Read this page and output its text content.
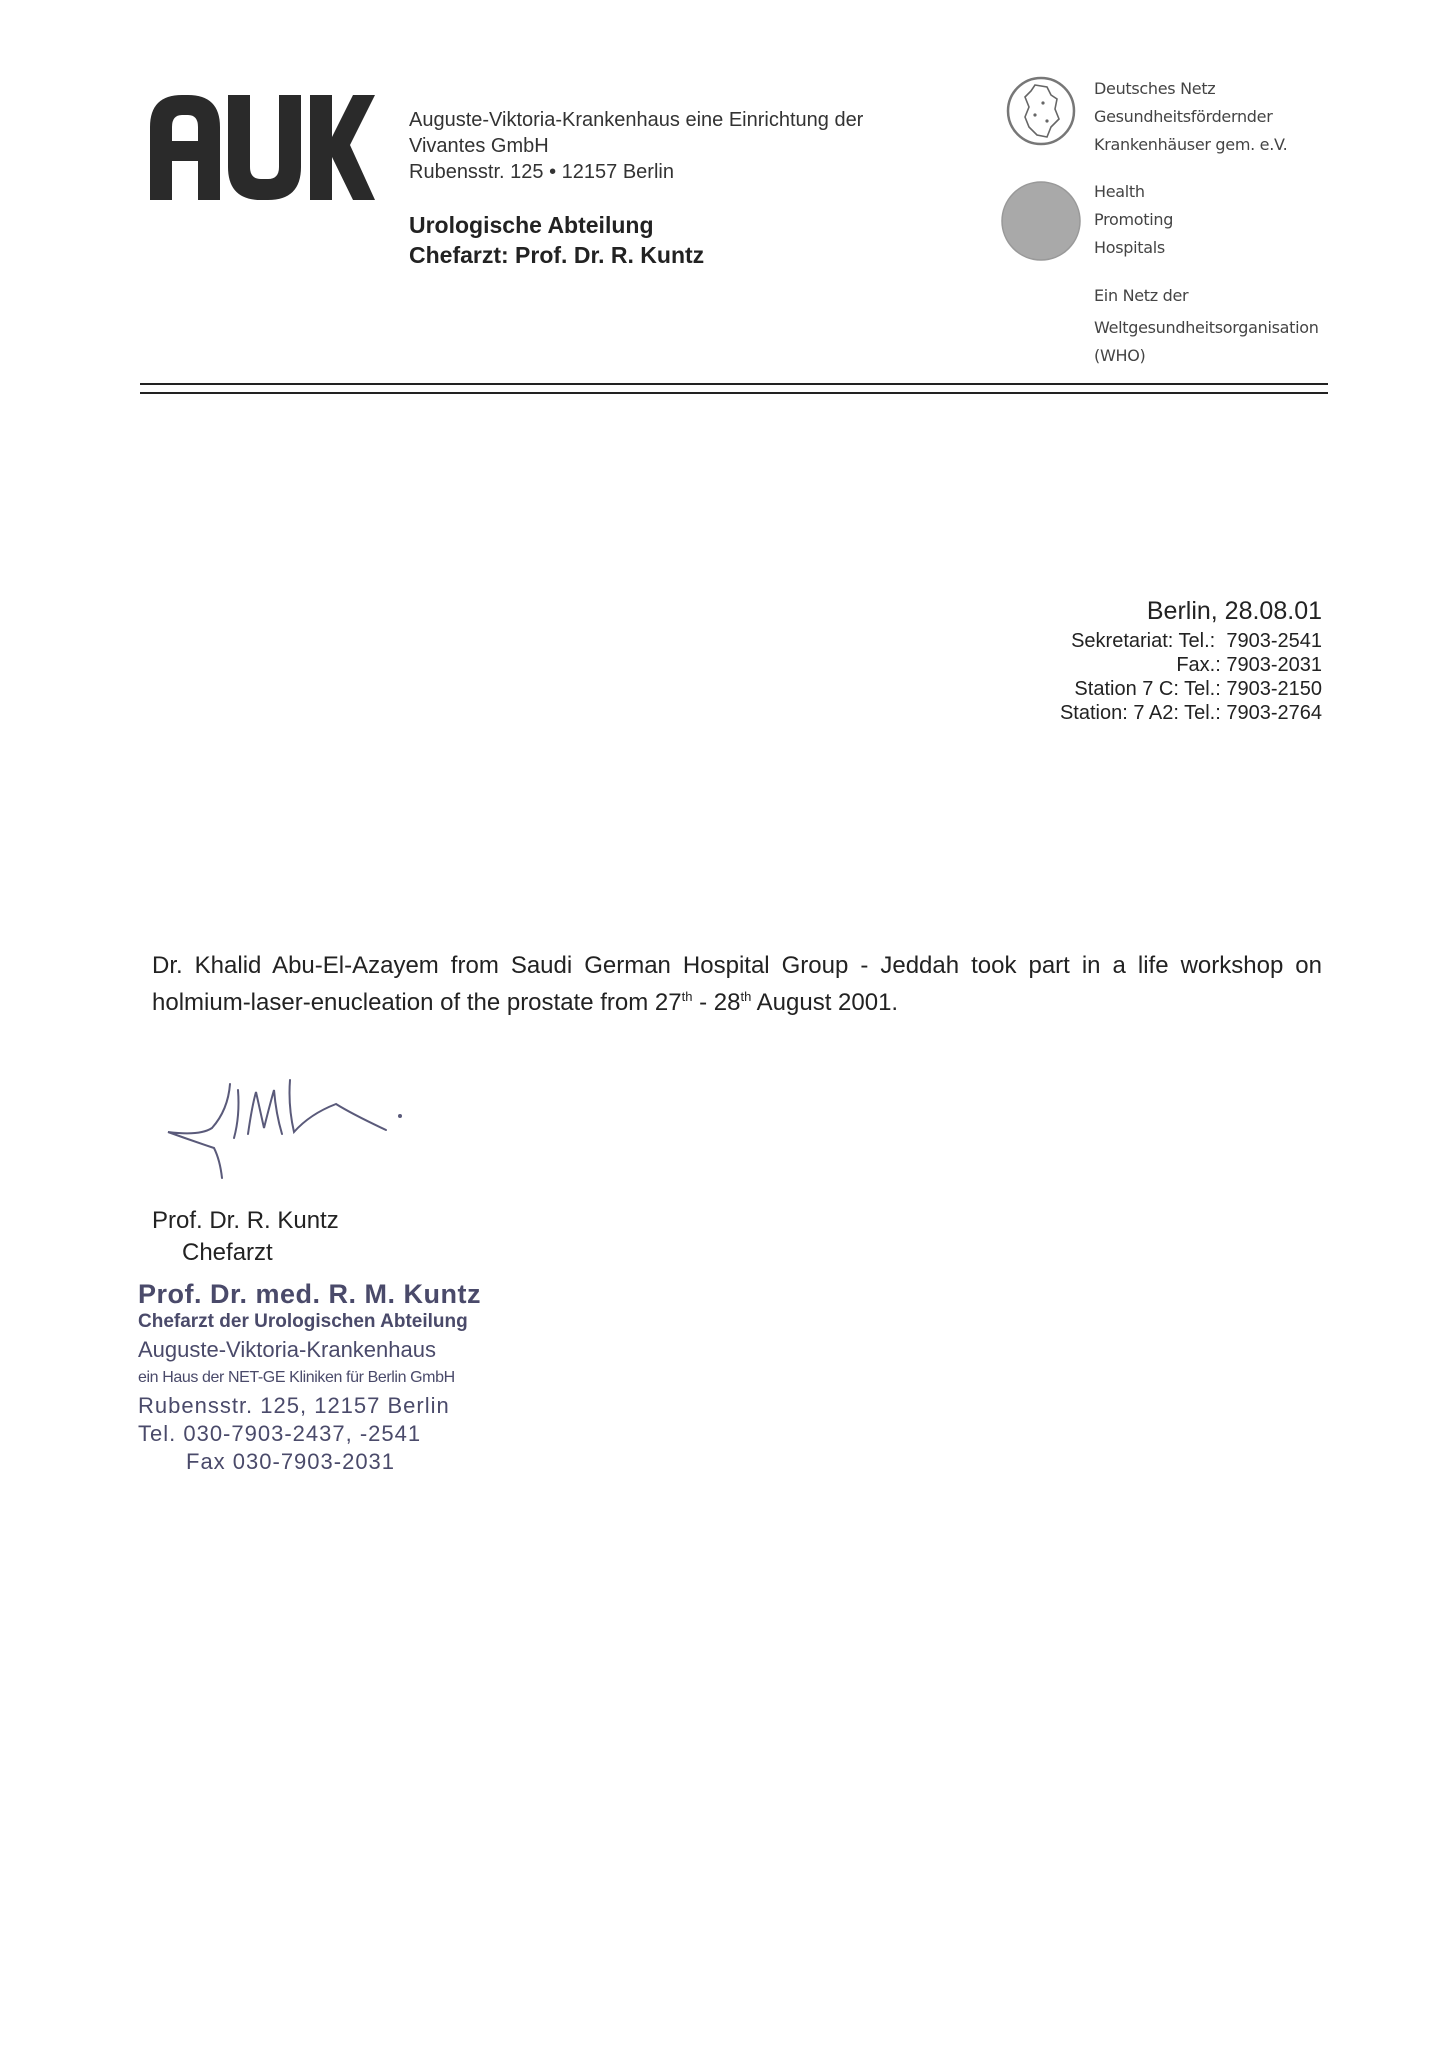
Auguste-Viktoria-Krankenhaus eine Einrichtung der
Vivantes GmbH
Rubensstr. 125 • 12157 Berlin
Urologische Abteilung
Chefarzt: Prof. Dr. R. Kuntz
Deutsches Netz
Gesundheitsfördernder
Krankenhäuser gem. e.V.
Health
Promoting
Hospitals
Ein Netz der
Weltgesundheitsorganisation
(WHO)
Berlin, 28.08.01
Sekretariat: Tel.:  7903-2541
Fax.: 7903-2031
Station 7 C: Tel.: 7903-2150
Station: 7 A2: Tel.: 7903-2764
Dr. Khalid Abu-El-Azayem from Saudi German Hospital Group - Jeddah took part in a life workshop on holmium-laser-enucleation of the prostate from 27th - 28th August 2001.
Prof. Dr. R. Kuntz
Chefarzt
Prof. Dr. med. R. M. Kuntz
Chefarzt der Urologischen Abteilung
Auguste-Viktoria-Krankenhaus
ein Haus der NET-GE Kliniken für Berlin GmbH
Rubensstr. 125, 12157 Berlin
Tel. 030-7903-2437, -2541
Fax 030-7903-2031
